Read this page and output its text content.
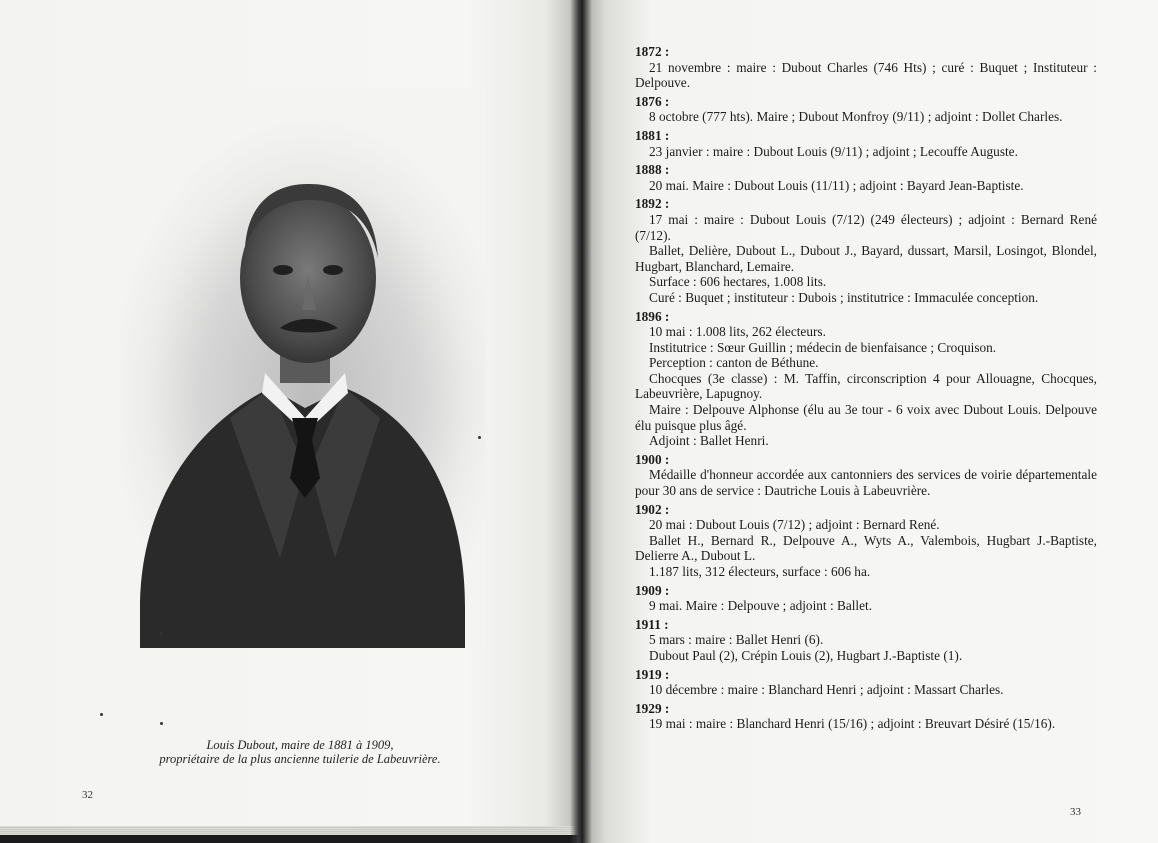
Louis Dubout, maire de 1881 à 1909,
propriétaire de la plus ancienne tuilerie de Labeuvrière.
32
1872 :
21 novembre : maire : Dubout Charles (746 Hts) ; curé : Buquet ; Instituteur : Delpouve.
1876 :
8 octobre (777 hts). Maire ; Dubout Monfroy (9/11) ; adjoint : Dollet Charles.
1881 :
23 janvier : maire : Dubout Louis (9/11) ; adjoint ; Lecouffe Auguste.
1888 :
20 mai. Maire : Dubout Louis (11/11) ; adjoint : Bayard Jean-Baptiste.
1892 :
17 mai : maire : Dubout Louis (7/12) (249 électeurs) ; adjoint : Bernard René (7/12).
Ballet, Delière, Dubout L., Dubout J., Bayard, dussart, Marsil, Losingot, Blondel, Hugbart, Blanchard, Lemaire.
Surface : 606 hectares, 1.008 lits.
Curé : Buquet ; instituteur : Dubois ; institutrice : Immaculée conception.
1896 :
10 mai : 1.008 lits, 262 électeurs.
Institutrice : Sœur Guillin ; médecin de bienfaisance ; Croquison.
Perception : canton de Béthune.
Chocques (3e classe) : M. Taffin, circonscription 4 pour Allouagne, Chocques, Labeuvrière, Lapugnoy.
Maire : Delpouve Alphonse (élu au 3e tour - 6 voix avec Dubout Louis. Delpouve élu puisque plus âgé.
Adjoint : Ballet Henri.
1900 :
Médaille d'honneur accordée aux cantonniers des services de voirie départementale pour 30 ans de service : Dautriche Louis à Labeuvrière.
1902 :
20 mai : Dubout Louis (7/12) ; adjoint : Bernard René.
Ballet H., Bernard R., Delpouve A., Wyts A., Valembois, Hugbart J.-Baptiste, Delierre A., Dubout L.
1.187 lits, 312 électeurs, surface : 606 ha.
1909 :
9 mai. Maire : Delpouve ; adjoint : Ballet.
1911 :
5 mars : maire : Ballet Henri (6).
Dubout Paul (2), Crépin Louis (2), Hugbart J.-Baptiste (1).
1919 :
10 décembre : maire : Blanchard Henri ; adjoint : Massart Charles.
1929 :
19 mai : maire : Blanchard Henri (15/16) ; adjoint : Breuvart Désiré (15/16).
33
